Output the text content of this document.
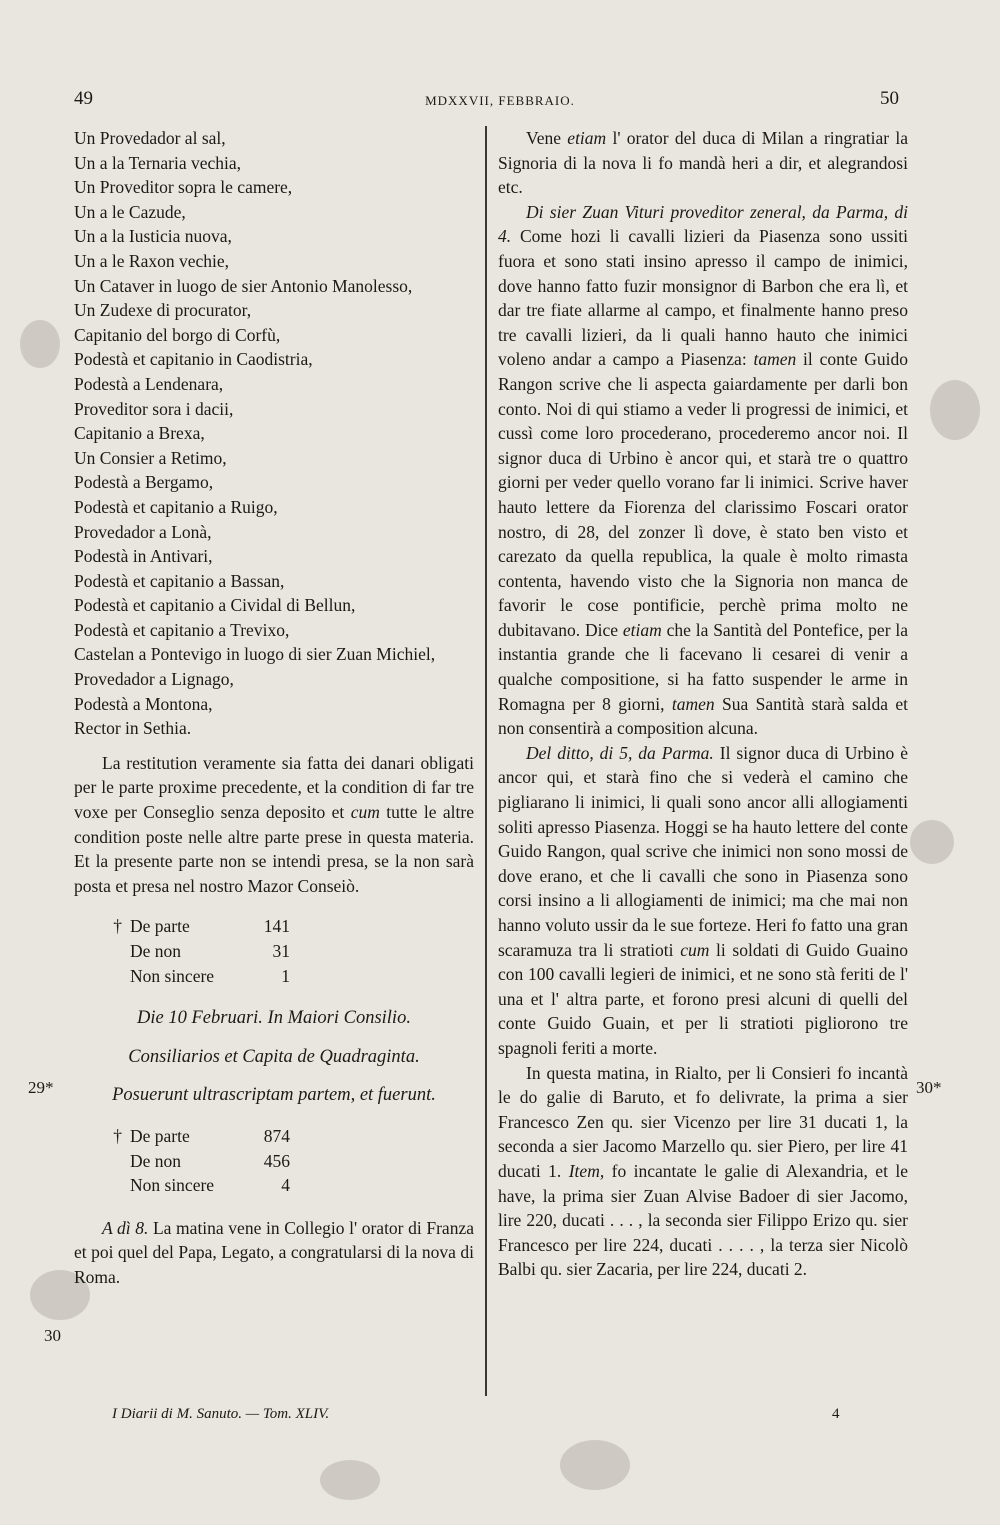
49	MDXXVII, FEBBRAIO.	50
Un Provedador al sal,
Un a la Ternaria vechia,
Un Proveditor sopra le camere,
Un a le Cazude,
Un a la Iusticia nuova,
Un a le Raxon vechie,
Un Cataver in luogo de sier Antonio Manolesso,
Un Zudexe di procurator,
Capitanio del borgo di Corfù,
Podestà et capitanio in Caodistria,
Podestà a Lendenara,
Proveditor sora i dacii,
Capitanio a Brexa,
Un Consier a Retimo,
Podestà a Bergamo,
Podestà et capitanio a Ruigo,
Provedador a Lonà,
Podestà in Antivari,
Podestà et capitanio a Bassan,
Podestà et capitanio a Cividal di Bellun,
Podestà et capitanio a Trevixo,
Castelan a Pontevigo in luogo di sier Zuan Michiel,
Provedador a Lignago,
Podestà a Montona,
Rector in Sethia.

La restitution veramente sia fatta dei danari obligati per le parte proxime precedente, et la condition di far tre voxe per Conseglio senza deposito et cum tutte le altre condition poste nelle altre parte prese in questa materia. Et la presente parte non se intendi presa, se la non sarà posta et presa nel nostro Mazor Conseiò.

† De parte	141
De non	31
Non sincere	1
Die 10 Februari. In Maiori Consilio.
Consiliarios et Capita de Quadraginta.
Posuerunt ultrascriptam partem, et fuerunt.
† De parte	874
De non	456
Non sincere	4

A dì 8. La matina vene in Collegio l' orator di Franza et poi quel del Papa, Legato, a congratularsi di la nova di Roma.

29*
30

Vene etiam l' orator del duca di Milan a ringratiar la Signoria di la nova li fo mandà heri a dir, et alegrandosi etc.

Di sier Zuan Vituri proveditor zeneral, da Parma, di 4. Come hozi li cavalli lizieri da Piasenza sono ussiti fuora et sono stati insino apresso il campo de inimici, dove hanno fatto fuzir monsignor di Barbon che era lì, et dar tre fiate allarme al campo, et finalmente hanno preso tre cavalli lizieri, da li quali hanno hauto che inimici voleno andar a campo a Piasenza: tamen il conte Guido Rangon scrive che li aspecta gaiardamente per darli bon conto. Noi di qui stiamo a veder li progressi de inimici, et cussì come loro procederano, procederemo ancor noi. Il signor duca di Urbino è ancor qui, et starà tre o quattro giorni per veder quello vorano far li inimici. Scrive haver hauto lettere da Fiorenza del clarissimo Foscari orator nostro, di 28, del zonzer lì dove, è stato ben visto et carezato da quella republica, la quale è molto rimasta contenta, havendo visto che la Signoria non manca de favorir le cose pontificie, perchè prima molto ne dubitavano. Dice etiam che la Santità del Pontefice, per la instantia grande che li facevano li cesarei di venir a qualche compositione, si ha fatto suspender le arme in Romagna per 8 giorni, tamen Sua Santità starà salda et non consentirà a composition alcuna.

Del ditto, di 5, da Parma. Il signor duca di Urbino è ancor qui, et starà fino che si vederà el camino che pigliarano li inimici, li quali sono ancor alli allogiamenti soliti apresso Piasenza. Hoggi se ha hauto lettere del conte Guido Rangon, qual scrive che inimici non sono mossi de dove erano, et che li cavalli che sono in Piasenza sono corsi insino a li allogiamenti de inimici; ma che mai non hanno voluto ussir da le sue forteze. Heri fo fatto una gran scaramuza tra li stratioti cum li soldati di Guido Guaino con 100 cavalli legieri de inimici, et ne sono stà feriti de l' una et l' altra parte, et forono presi alcuni di quelli del conte Guido Guain, et per li stratioti pigliorono tre spagnoli feriti a morte.

In questa matina, in Rialto, per li Consieri fo incantà le do galie di Baruto, et fo delivrate, la prima a sier Francesco Zen qu. sier Vicenzo per lire 31 ducati 1, la seconda a sier Jacomo Marzello qu. sier Piero, per lire 41 ducati 1. Item, fo incantate le galie di Alexandria, et le have, la prima sier Zuan Alvise Badoer di sier Jacomo, lire 220, ducati . . . , la seconda sier Filippo Erizo qu. sier Francesco per lire 224, ducati . . . . , la terza sier Nicolò Balbi qu. sier Zacaria, per lire 224, ducati 2.

30*
I Diarii di M. Sanuto. — Tom. XLIV.	4
